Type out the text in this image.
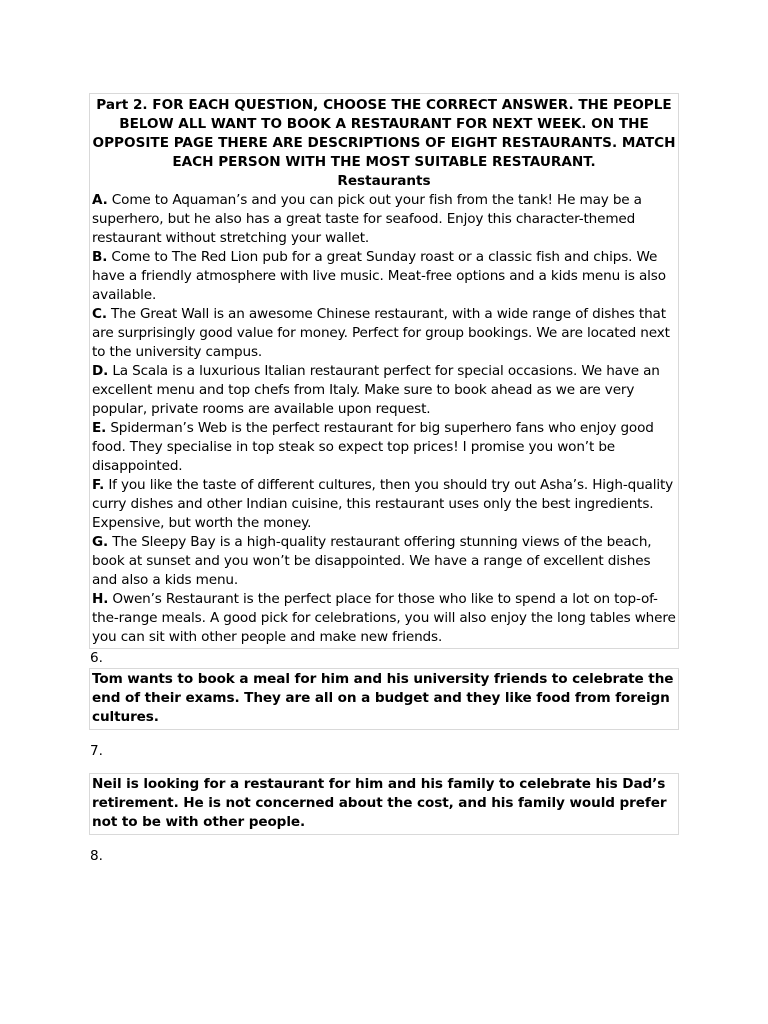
Part 2. FOR EACH QUESTION, CHOOSE THE CORRECT ANSWER. THE PEOPLE BELOW ALL WANT TO BOOK A RESTAURANT FOR NEXT WEEK. ON THE OPPOSITE PAGE THERE ARE DESCRIPTIONS OF EIGHT RESTAURANTS. MATCH EACH PERSON WITH THE MOST SUITABLE RESTAURANT.
Restaurants
A. Come to Aquaman’s and you can pick out your fish from the tank! He may be a superhero, but he also has a great taste for seafood. Enjoy this character-themed restaurant without stretching your wallet.
B. Come to The Red Lion pub for a great Sunday roast or a classic fish and chips. We have a friendly atmosphere with live music. Meat-free options and a kids menu is also available.
C. The Great Wall is an awesome Chinese restaurant, with a wide range of dishes that are surprisingly good value for money. Perfect for group bookings. We are located next to the university campus.
D. La Scala is a luxurious Italian restaurant perfect for special occasions. We have an excellent menu and top chefs from Italy. Make sure to book ahead as we are very popular, private rooms are available upon request.
E. Spiderman’s Web is the perfect restaurant for big superhero fans who enjoy good food. They specialise in top steak so expect top prices! I promise you won’t be disappointed.
F. If you like the taste of different cultures, then you should try out Asha’s. High-quality curry dishes and other Indian cuisine, this restaurant uses only the best ingredients. Expensive, but worth the money.
G. The Sleepy Bay is a high-quality restaurant offering stunning views of the beach, book at sunset and you won’t be disappointed. We have a range of excellent dishes and also a kids menu.
H. Owen’s Restaurant is the perfect place for those who like to spend a lot on top-of-the-range meals. A good pick for celebrations, you will also enjoy the long tables where you can sit with other people and make new friends.
6.
Tom wants to book a meal for him and his university friends to celebrate the end of their exams. They are all on a budget and they like food from foreign cultures.
7.
Neil is looking for a restaurant for him and his family to celebrate his Dad’s retirement. He is not concerned about the cost, and his family would prefer not to be with other people.
8.
